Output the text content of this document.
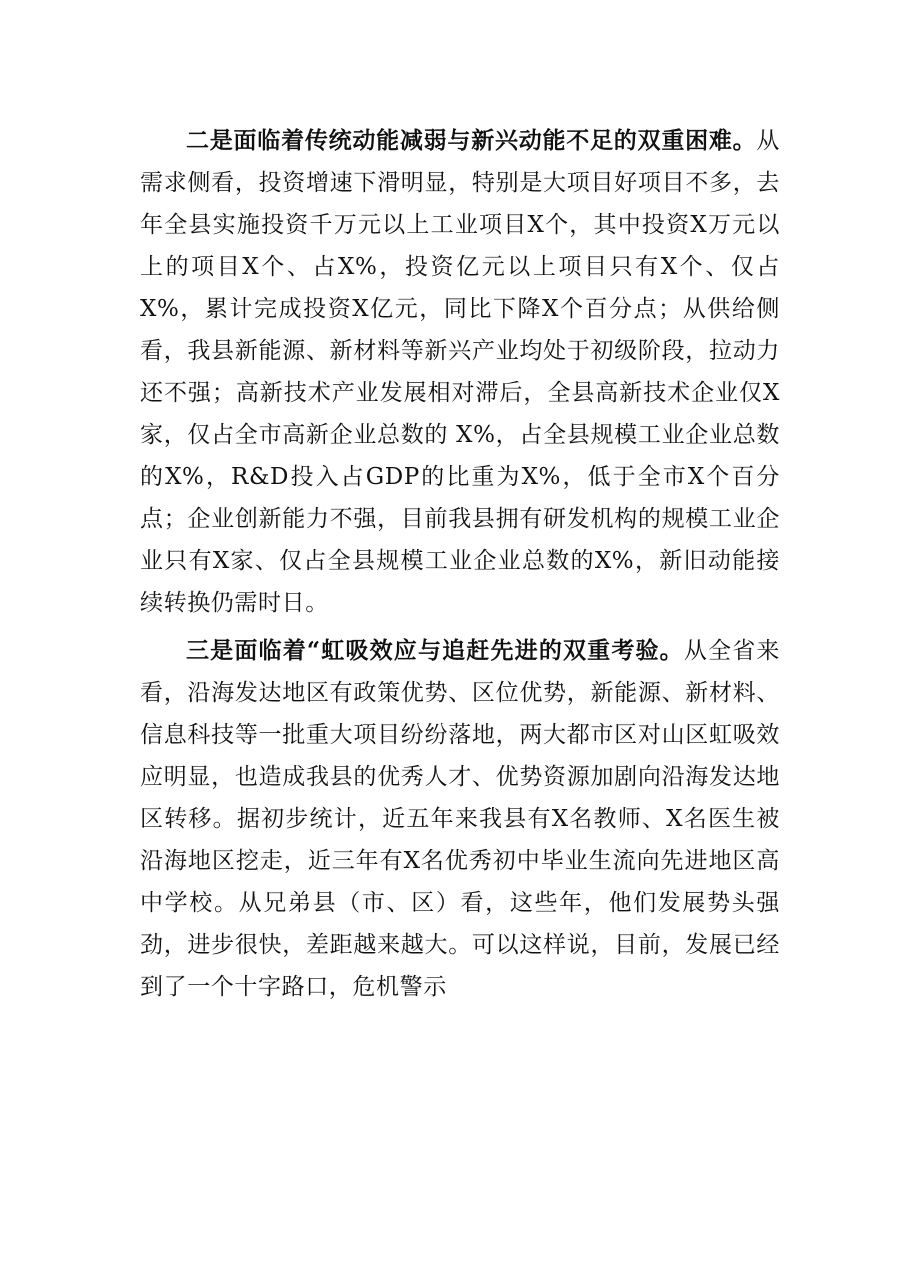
二是面临着传统动能减弱与新兴动能不足的双重困难。从需求侧看，投资增速下滑明显，特别是大项目好项目不多，去年全县实施投资千万元以上工业项目X个，其中投资X万元以上的项目X个、占X%，投资亿元以上项目只有X个、仅占X%，累计完成投资X亿元，同比下降X个百分点；从供给侧看，我县新能源、新材料等新兴产业均处于初级阶段，拉动力还不强；高新技术产业发展相对滞后，全县高新技术企业仅X家，仅占全市高新企业总数的 X%，占全县规模工业企业总数的X%，R&D投入占GDP的比重为X%，低于全市X个百分点；企业创新能力不强，目前我县拥有研发机构的规模工业企业只有X家、仅占全县规模工业企业总数的X%，新旧动能接续转换仍需时日。

三是面临着“虹吸效应与追赶先进的双重考验。从全省来看，沿海发达地区有政策优势、区位优势，新能源、新材料、信息科技等一批重大项目纷纷落地，两大都市区对山区虹吸效应明显，也造成我县的优秀人才、优势资源加剧向沿海发达地区转移。据初步统计，近五年来我县有X名教师、X名医生被沿海地区挖走，近三年有X名优秀初中毕业生流向先进地区高中学校。从兄弟县（市、区）看，这些年，他们发展势头强劲，进步很快，差距越来越大。可以这样说，目前，发展已经到了一个十字路口，危机警示
